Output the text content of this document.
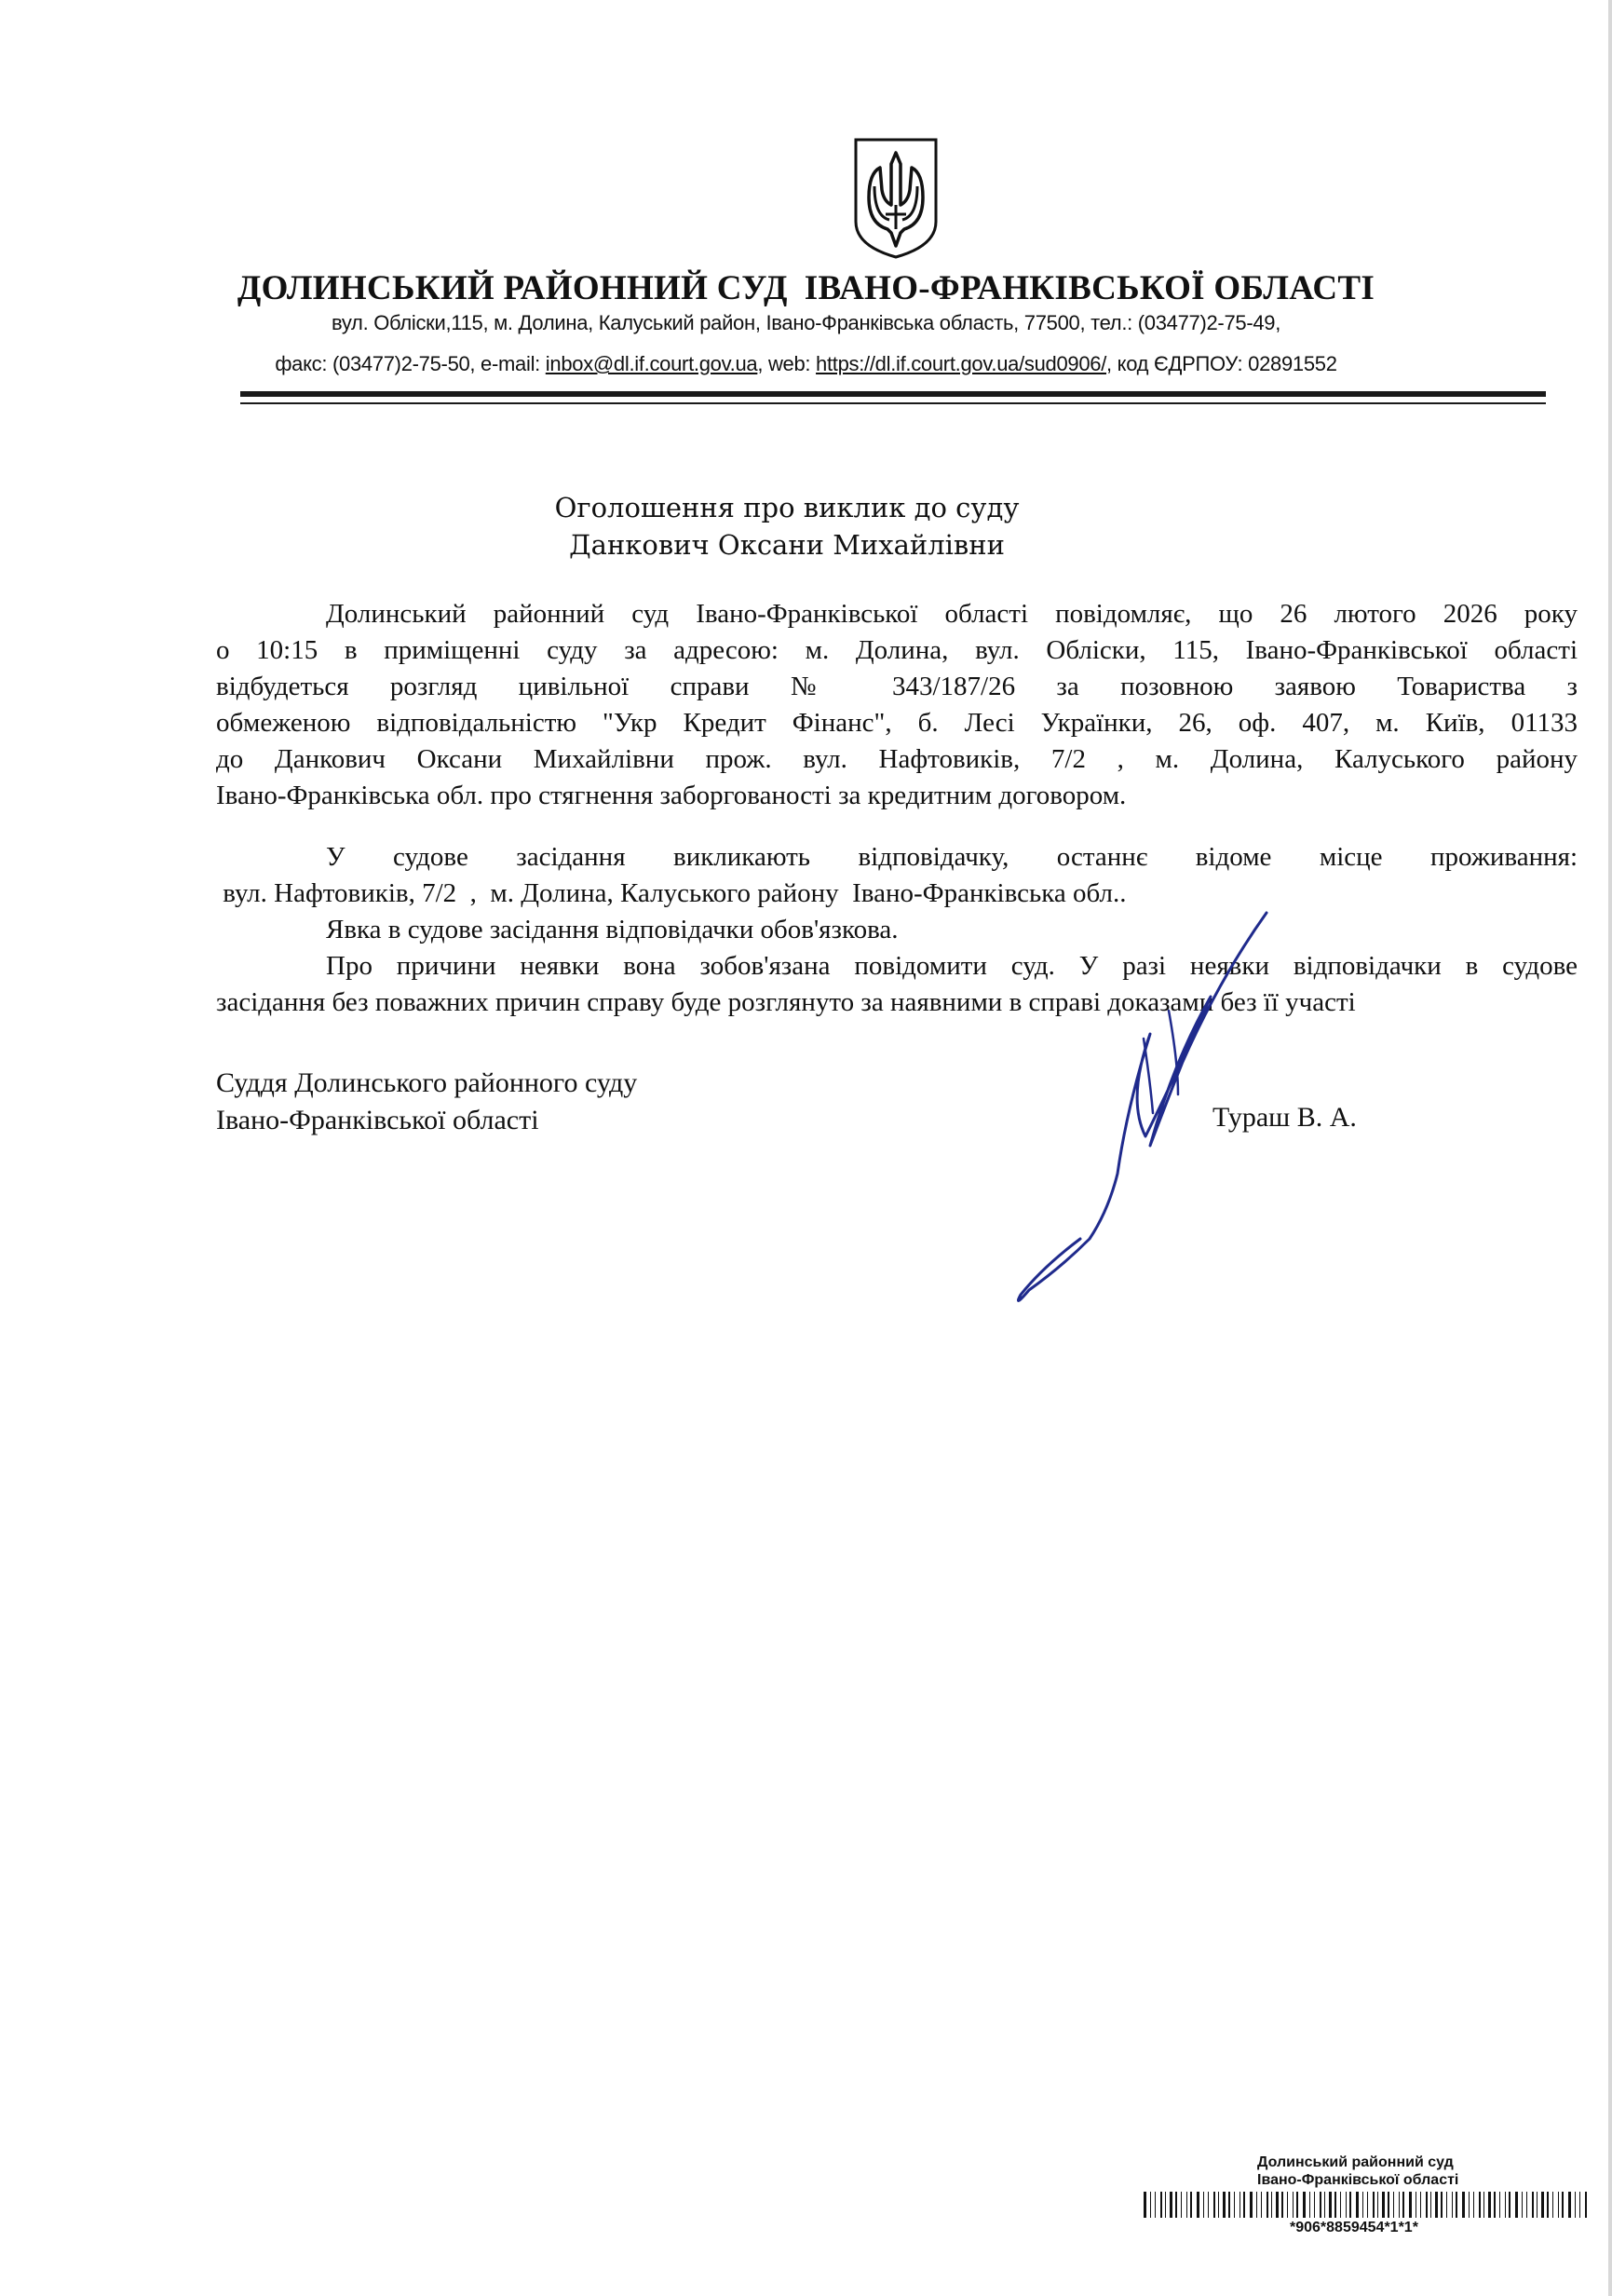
ДОЛИНСЬКИЙ РАЙОННИЙ СУД ІВАНО-ФРАНКІВСЬКОЇ ОБЛАСТІ
вул. Обліски,115, м. Долина, Калуський район, Івано-Франківська область, 77500, тел.: (03477)2-75-49,
факс: (03477)2-75-50, e-mail: inbox@dl.if.court.gov.ua, web: https://dl.if.court.gov.ua/sud0906/, код ЄДРПОУ: 02891552
Оголошення про виклик до суду
Данкович Оксани Михайлівни
Долинський районний суд Івано-Франківської області повідомляє, що 26 лютого 2026 року
о 10:15 в приміщенні суду за адресою: м. Долина, вул. Обліски, 115, Івано-Франківської області
відбудеться розгляд цивільної справи № 343/187/26 за позовною заявою Товариства з
обмеженою відповідальністю "Укр Кредит Фінанс", б. Лесі Українки, 26, оф. 407, м. Київ, 01133
до Данкович Оксани Михайлівни прож. вул. Нафтовиків, 7/2 , м. Долина, Калуського району
Івано-Франківська обл. про стягнення заборгованості за кредитним договором.
У судове засідання викликають відповідачку, останнє відоме місце проживання:
вул. Нафтовиків, 7/2  ,  м. Долина, Калуського району  Івано-Франківська обл..
Явка в судове засідання відповідачки обов'язкова.
Про причини неявки вона зобов'язана повідомити суд. У разі неявки відповідачки в судове
засідання без поважних причин справу буде розглянуто за наявними в справі доказами без її участі
Суддя Долинського районного суду
Івано-Франківської області	Тураш В. А.
Долинський районний суд
Івано-Франківської області
*906*8859454*1*1*
